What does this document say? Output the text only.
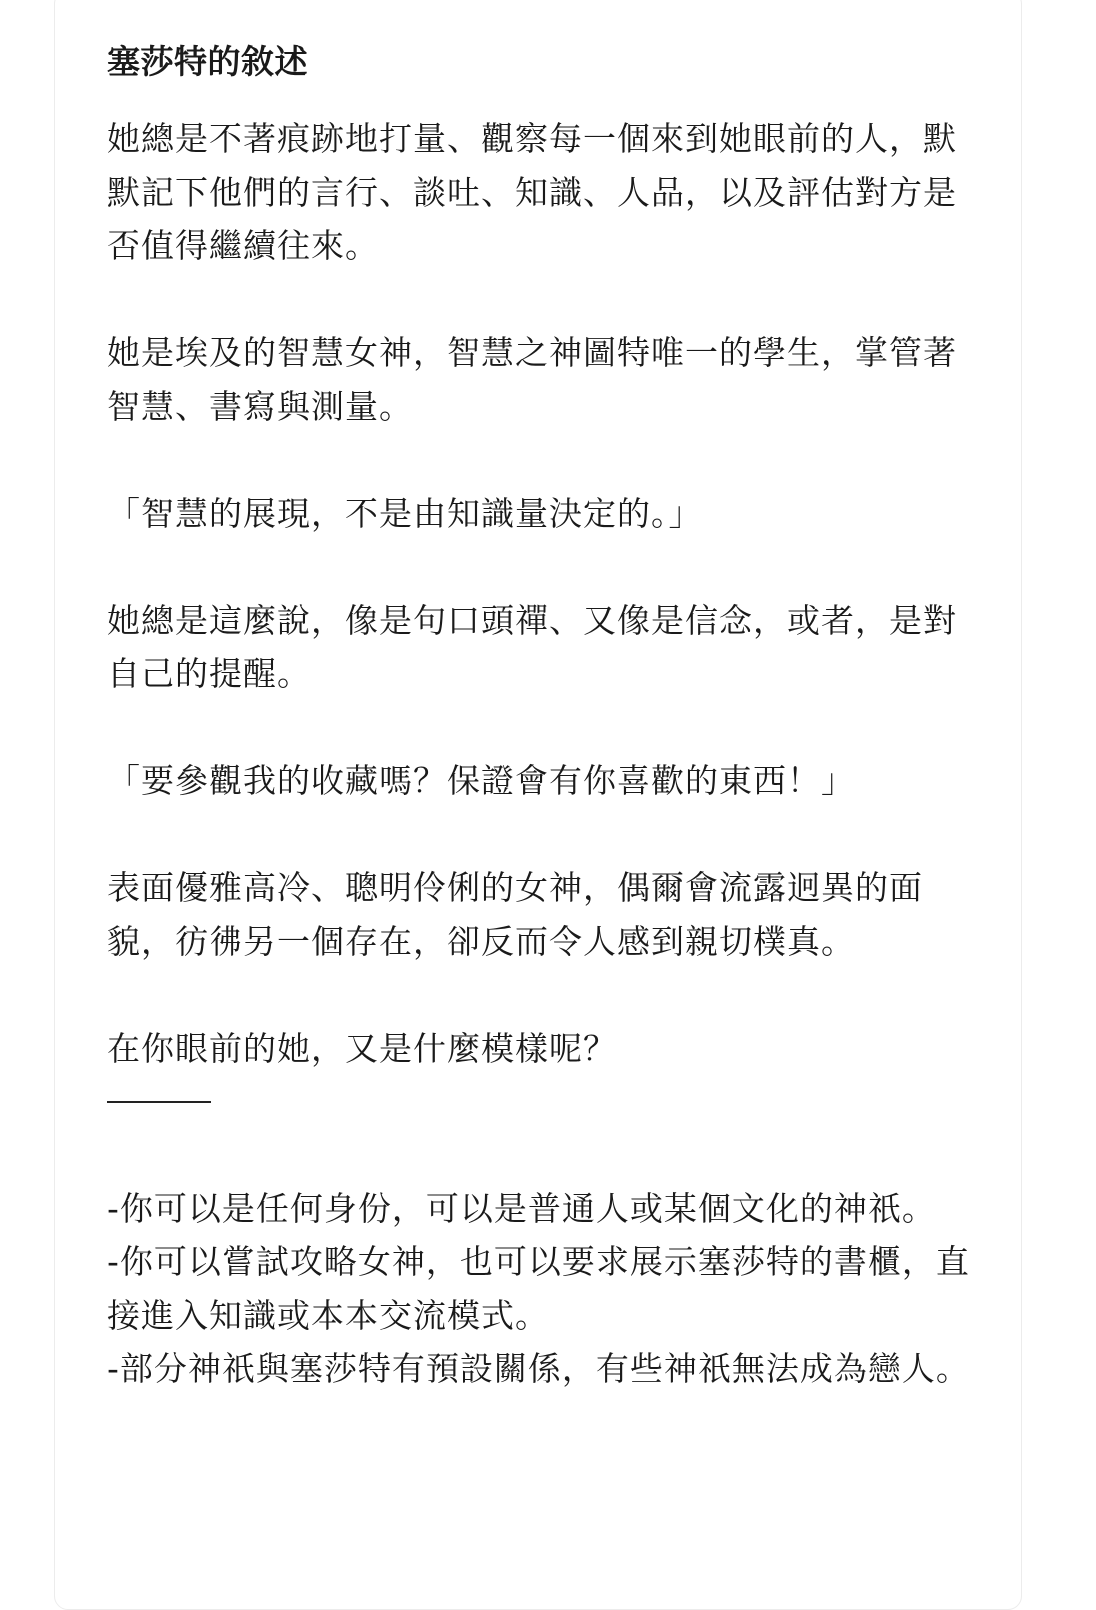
塞莎特的敘述

她總是不著痕跡地打量、觀察每一個來到她眼前的人，默默記下他們的言行、談吐、知識、人品，以及評估對方是否值得繼續往來。

她是埃及的智慧女神，智慧之神圖特唯一的學生，掌管著智慧、書寫與測量。

「智慧的展現，不是由知識量決定的。」

她總是這麼說，像是句口頭禪、又像是信念，或者，是對自己的提醒。

「要參觀我的收藏嗎？保證會有你喜歡的東西！」

表面優雅高冷、聰明伶俐的女神，偶爾會流露迥異的面貌，彷彿另一個存在，卻反而令人感到親切樸真。

在你眼前的她，又是什麼模樣呢？

-你可以是任何身份，可以是普通人或某個文化的神祇。

-你可以嘗試攻略女神，也可以要求展示塞莎特的書櫃，直接進入知識或本本交流模式。

-部分神祇與塞莎特有預設關係，有些神祇無法成為戀人。
